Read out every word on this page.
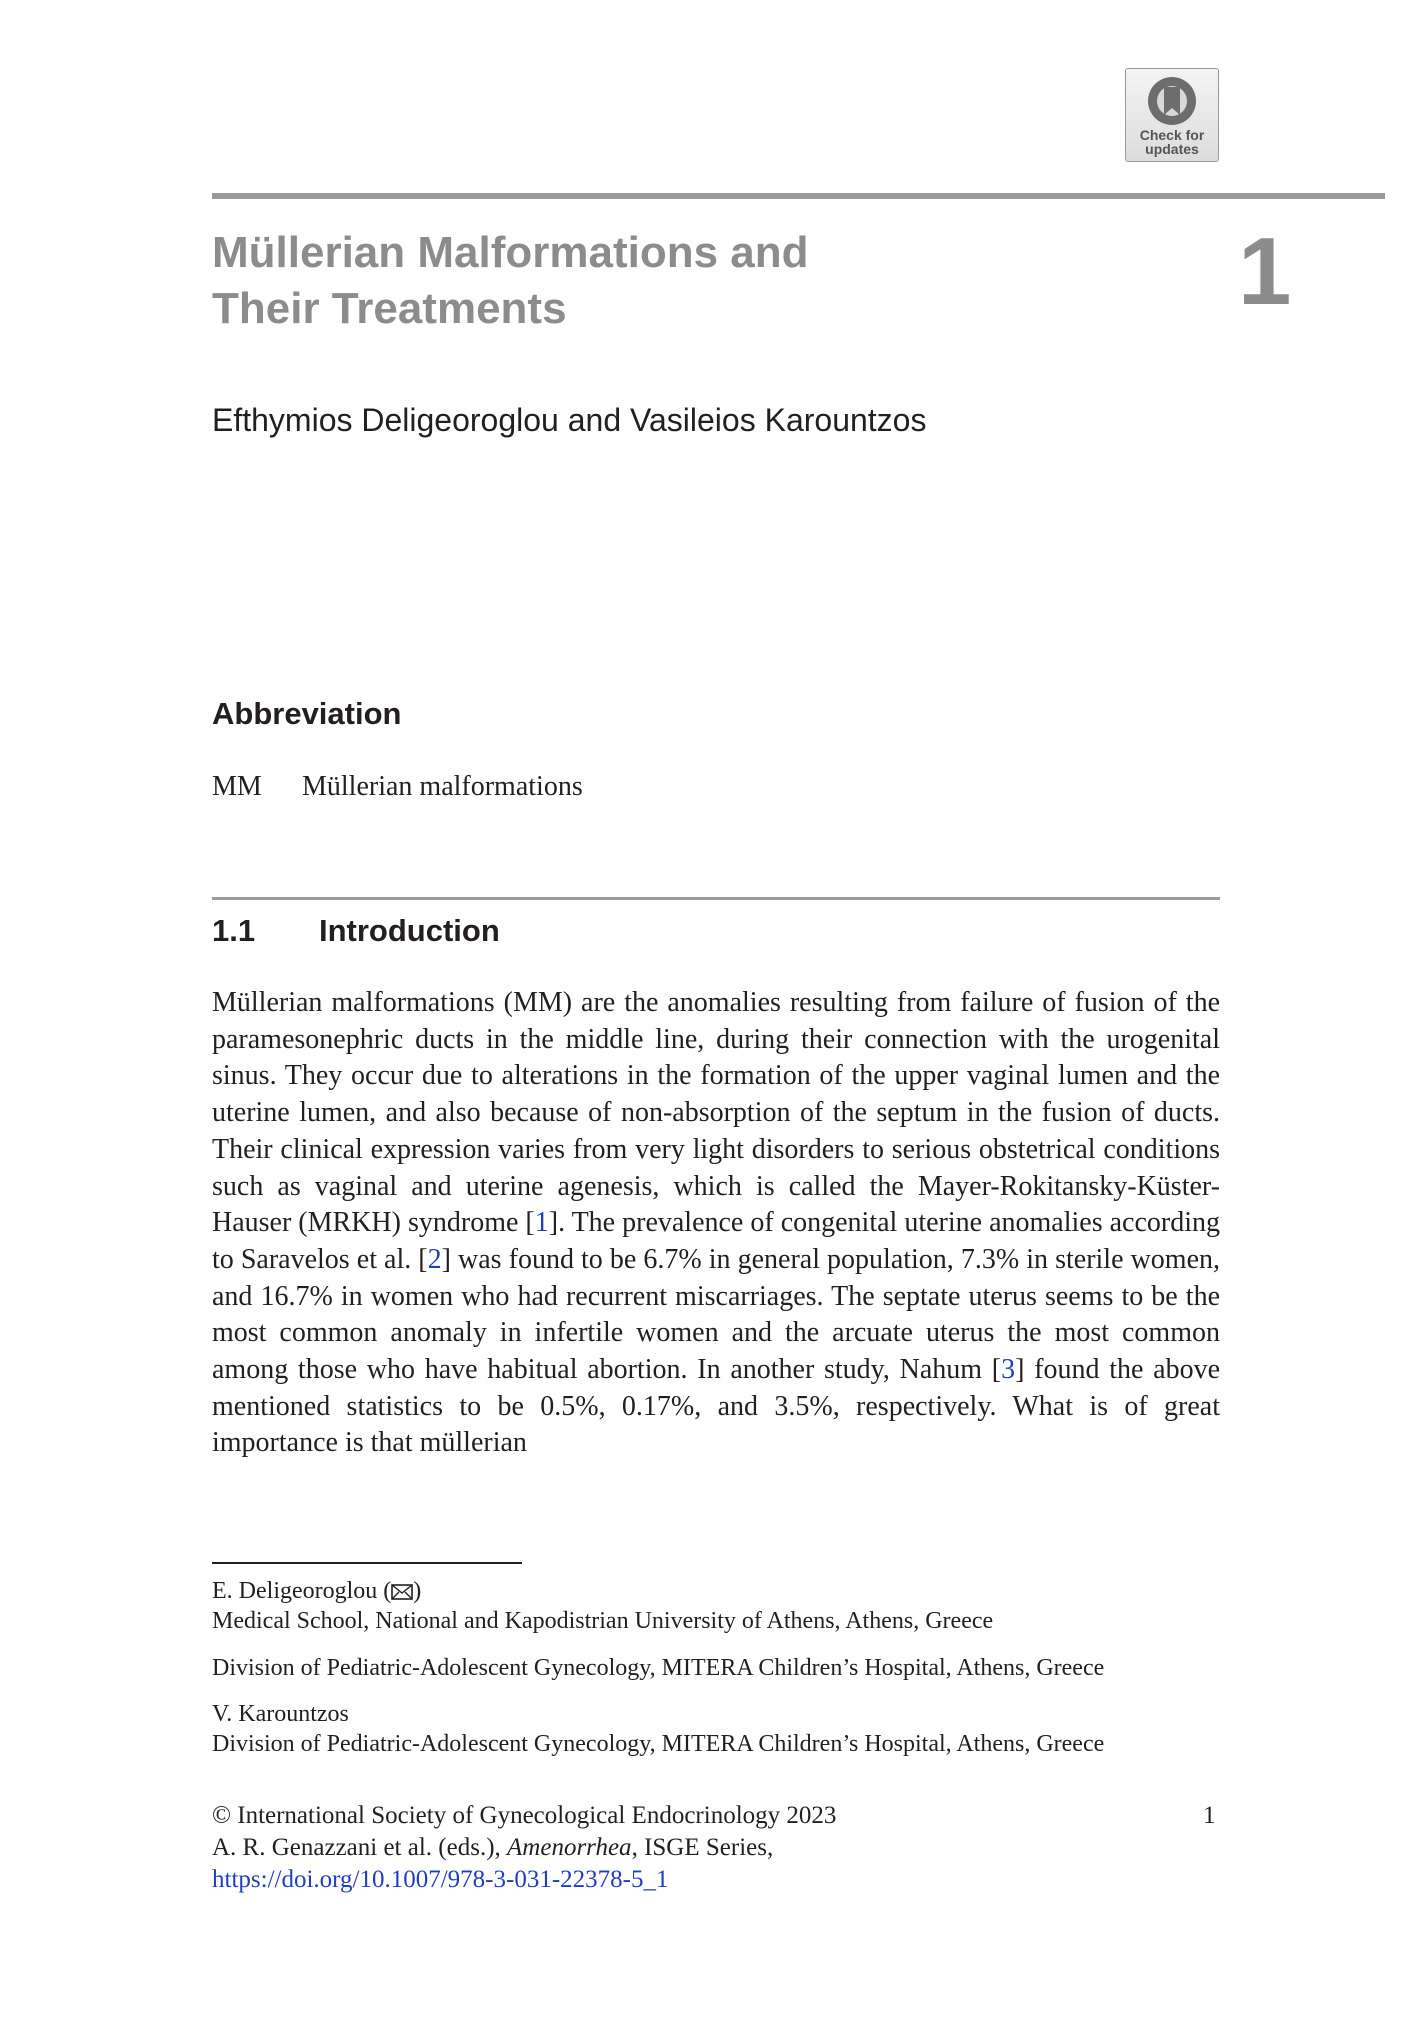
Check for
updates
Müllerian Malformations and
Their Treatments	1
Efthymios Deligeoroglou and Vasileios Karountzos
Abbreviation
MM Müllerian malformations
1.1 Introduction

Müllerian malformations (MM) are the anomalies resulting from failure of fusion of the paramesonephric ducts in the middle line, during their connection with the urogenital sinus. They occur due to alterations in the formation of the upper vaginal lumen and the uterine lumen, and also because of non-absorption of the septum in the fusion of ducts. Their clinical expression varies from very light disorders to serious obstetrical conditions such as vaginal and uterine agenesis, which is called the Mayer-Rokitansky-Küster-Hauser (MRKH) syndrome [1]. The prevalence of congenital uterine anomalies according to Saravelos et al. [2] was found to be 6.7% in general population, 7.3% in sterile women, and 16.7% in women who had recurrent miscarriages. The septate uterus seems to be the most common anomaly in infertile women and the arcuate uterus the most common among those who have habitual abortion. In another study, Nahum [3] found the above mentioned statistics to be 0.5%, 0.17%, and 3.5%, respectively. What is of great importance is that müllerian

E. Deligeoroglou ( )

Medical School, National and Kapodistrian University of Athens, Athens, Greece

Division of Pediatric-Adolescent Gynecology, MITERA Children’s Hospital, Athens, Greece

V. Karountzos

Division of Pediatric-Adolescent Gynecology, MITERA Children’s Hospital, Athens, Greece

© International Society of Gynecological Endocrinology 2023

A. R. Genazzani et al. (eds.), Amenorrhea, ISGE Series,

https://doi.org/10.1007/978-3-031-22378-5_1

1
